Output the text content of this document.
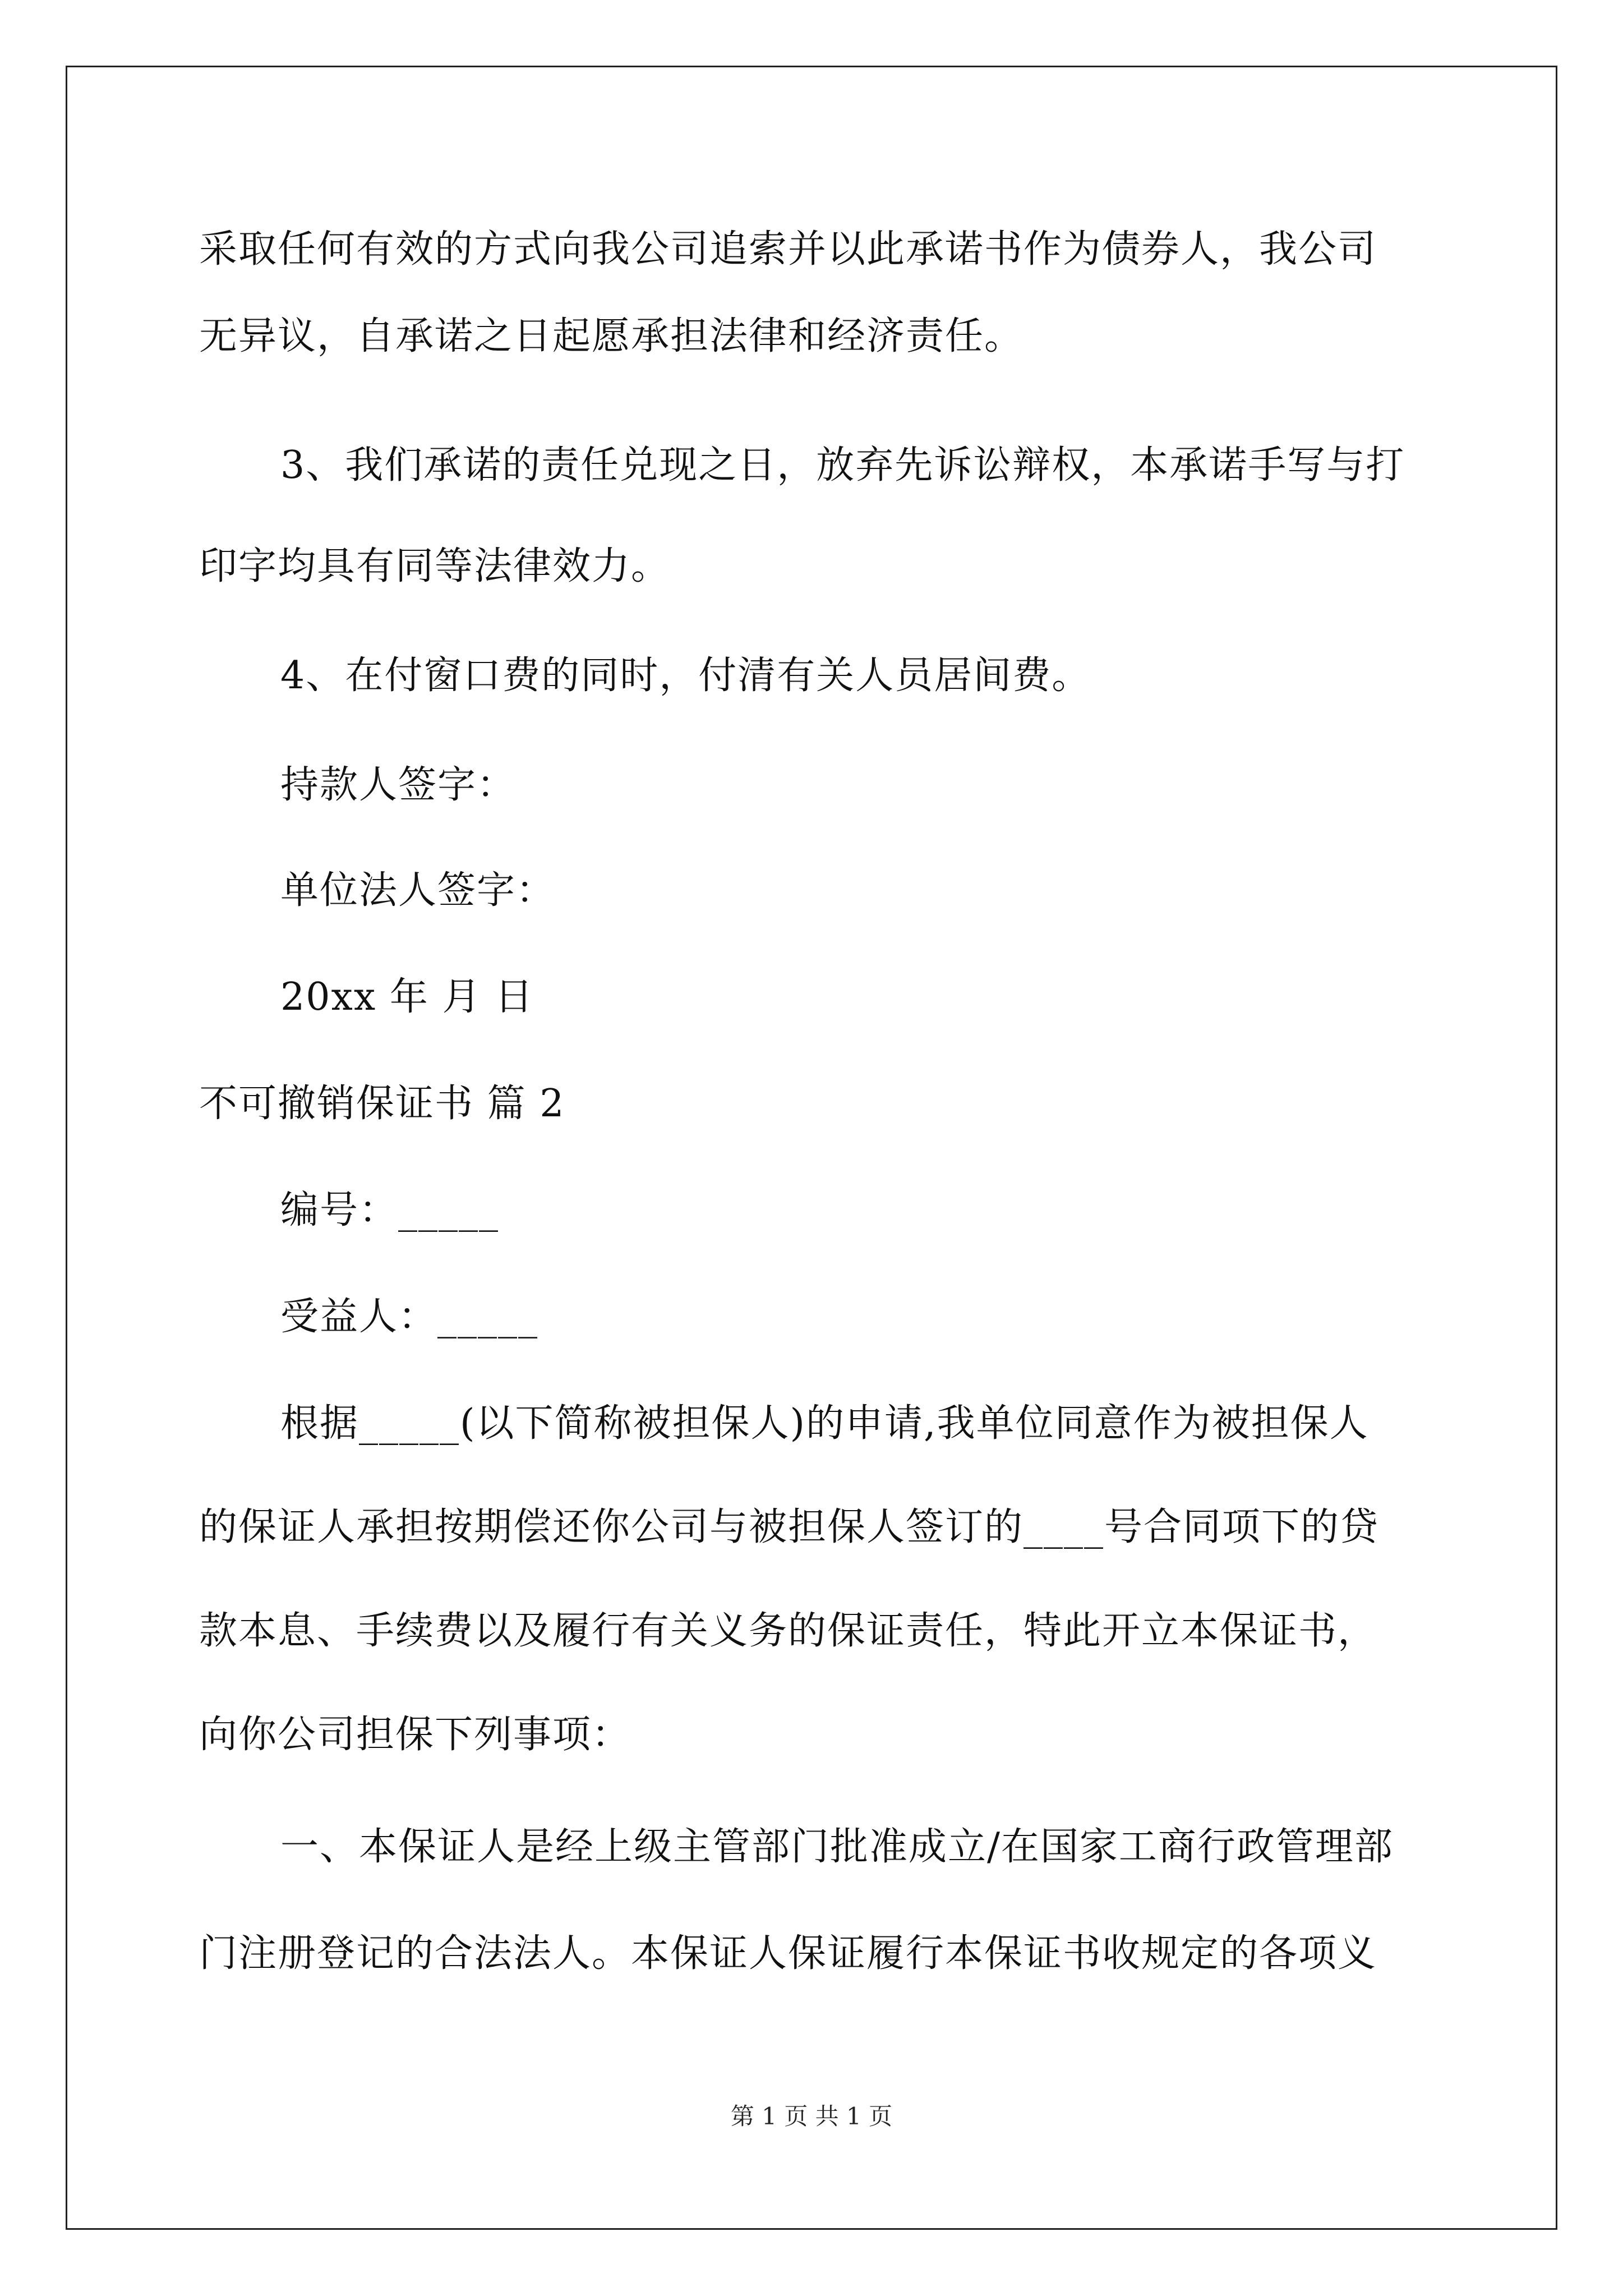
采取任何有效的方式向我公司追索并以此承诺书作为债券人，我公司
无异议，自承诺之日起愿承担法律和经济责任。
3、我们承诺的责任兑现之日，放弃先诉讼辩权，本承诺手写与打
印字均具有同等法律效力。
4、在付窗口费的同时，付清有关人员居间费。
持款人签字：
单位法人签字：
20xx 年 月 日
不可撤销保证书 篇 2
编号：_____
受益人：_____
根据_____(以下简称被担保人)的申请,我单位同意作为被担保人
的保证人承担按期偿还你公司与被担保人签订的____号合同项下的贷
款本息、手续费以及履行有关义务的保证责任，特此开立本保证书，
向你公司担保下列事项：
一、本保证人是经上级主管部门批准成立/在国家工商行政管理部
门注册登记的合法法人。本保证人保证履行本保证书收规定的各项义
第 1 页 共 1 页
